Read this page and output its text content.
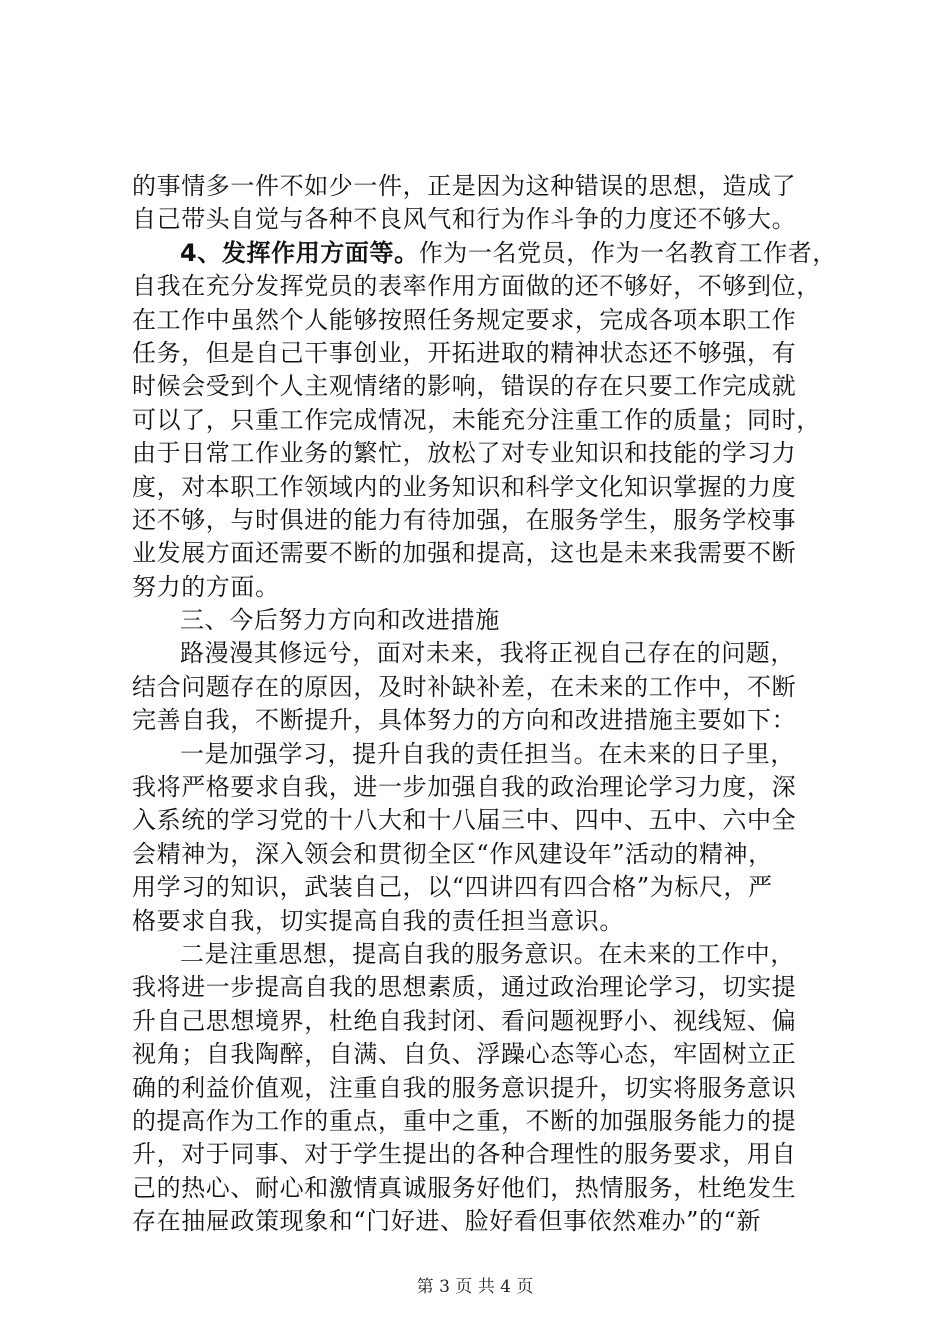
的事情多一件不如少一件，正是因为这种错误的思想，造成了
自己带头自觉与各种不良风气和行为作斗争的力度还不够大。
4、发挥作用方面等。作为一名党员，作为一名教育工作者，
自我在充分发挥党员的表率作用方面做的还不够好，不够到位，
在工作中虽然个人能够按照任务规定要求，完成各项本职工作
任务，但是自己干事创业，开拓进取的精神状态还不够强，有
时候会受到个人主观情绪的影响，错误的存在只要工作完成就
可以了，只重工作完成情况，未能充分注重工作的质量；同时，
由于日常工作业务的繁忙，放松了对专业知识和技能的学习力
度，对本职工作领域内的业务知识和科学文化知识掌握的力度
还不够，与时俱进的能力有待加强，在服务学生，服务学校事
业发展方面还需要不断的加强和提高，这也是未来我需要不断
努力的方面。
三、今后努力方向和改进措施
路漫漫其修远兮，面对未来，我将正视自己存在的问题，
结合问题存在的原因，及时补缺补差，在未来的工作中，不断
完善自我，不断提升，具体努力的方向和改进措施主要如下：
一是加强学习，提升自我的责任担当。在未来的日子里，
我将严格要求自我，进一步加强自我的政治理论学习力度，深
入系统的学习党的十八大和十八届三中、四中、五中、六中全
会精神为，深入领会和贯彻全区“作风建设年”活动的精神，
用学习的知识，武装自己，以“四讲四有四合格”为标尺，严
格要求自我，切实提高自我的责任担当意识。
二是注重思想，提高自我的服务意识。在未来的工作中，
我将进一步提高自我的思想素质，通过政治理论学习，切实提
升自己思想境界，杜绝自我封闭、看问题视野小、视线短、偏
视角；自我陶醉，自满、自负、浮躁心态等心态，牢固树立正
确的利益价值观，注重自我的服务意识提升，切实将服务意识
的提高作为工作的重点，重中之重，不断的加强服务能力的提
升，对于同事、对于学生提出的各种合理性的服务要求，用自
己的热心、耐心和激情真诚服务好他们，热情服务，杜绝发生
存在抽屉政策现象和“门好进、脸好看但事依然难办”的“新
第 3 页 共 4 页
